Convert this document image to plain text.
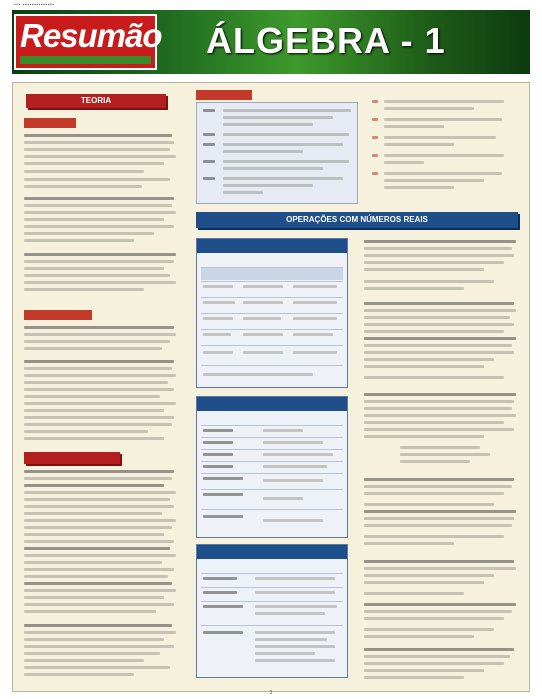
▪▪▪ ▪▪▪▪▪▪▪▪▪▪▪▪▪▪
Resumão ÁLGEBRA - 1
TEORIA
OPERAÇÕES COM NÚMEROS REAIS
1
